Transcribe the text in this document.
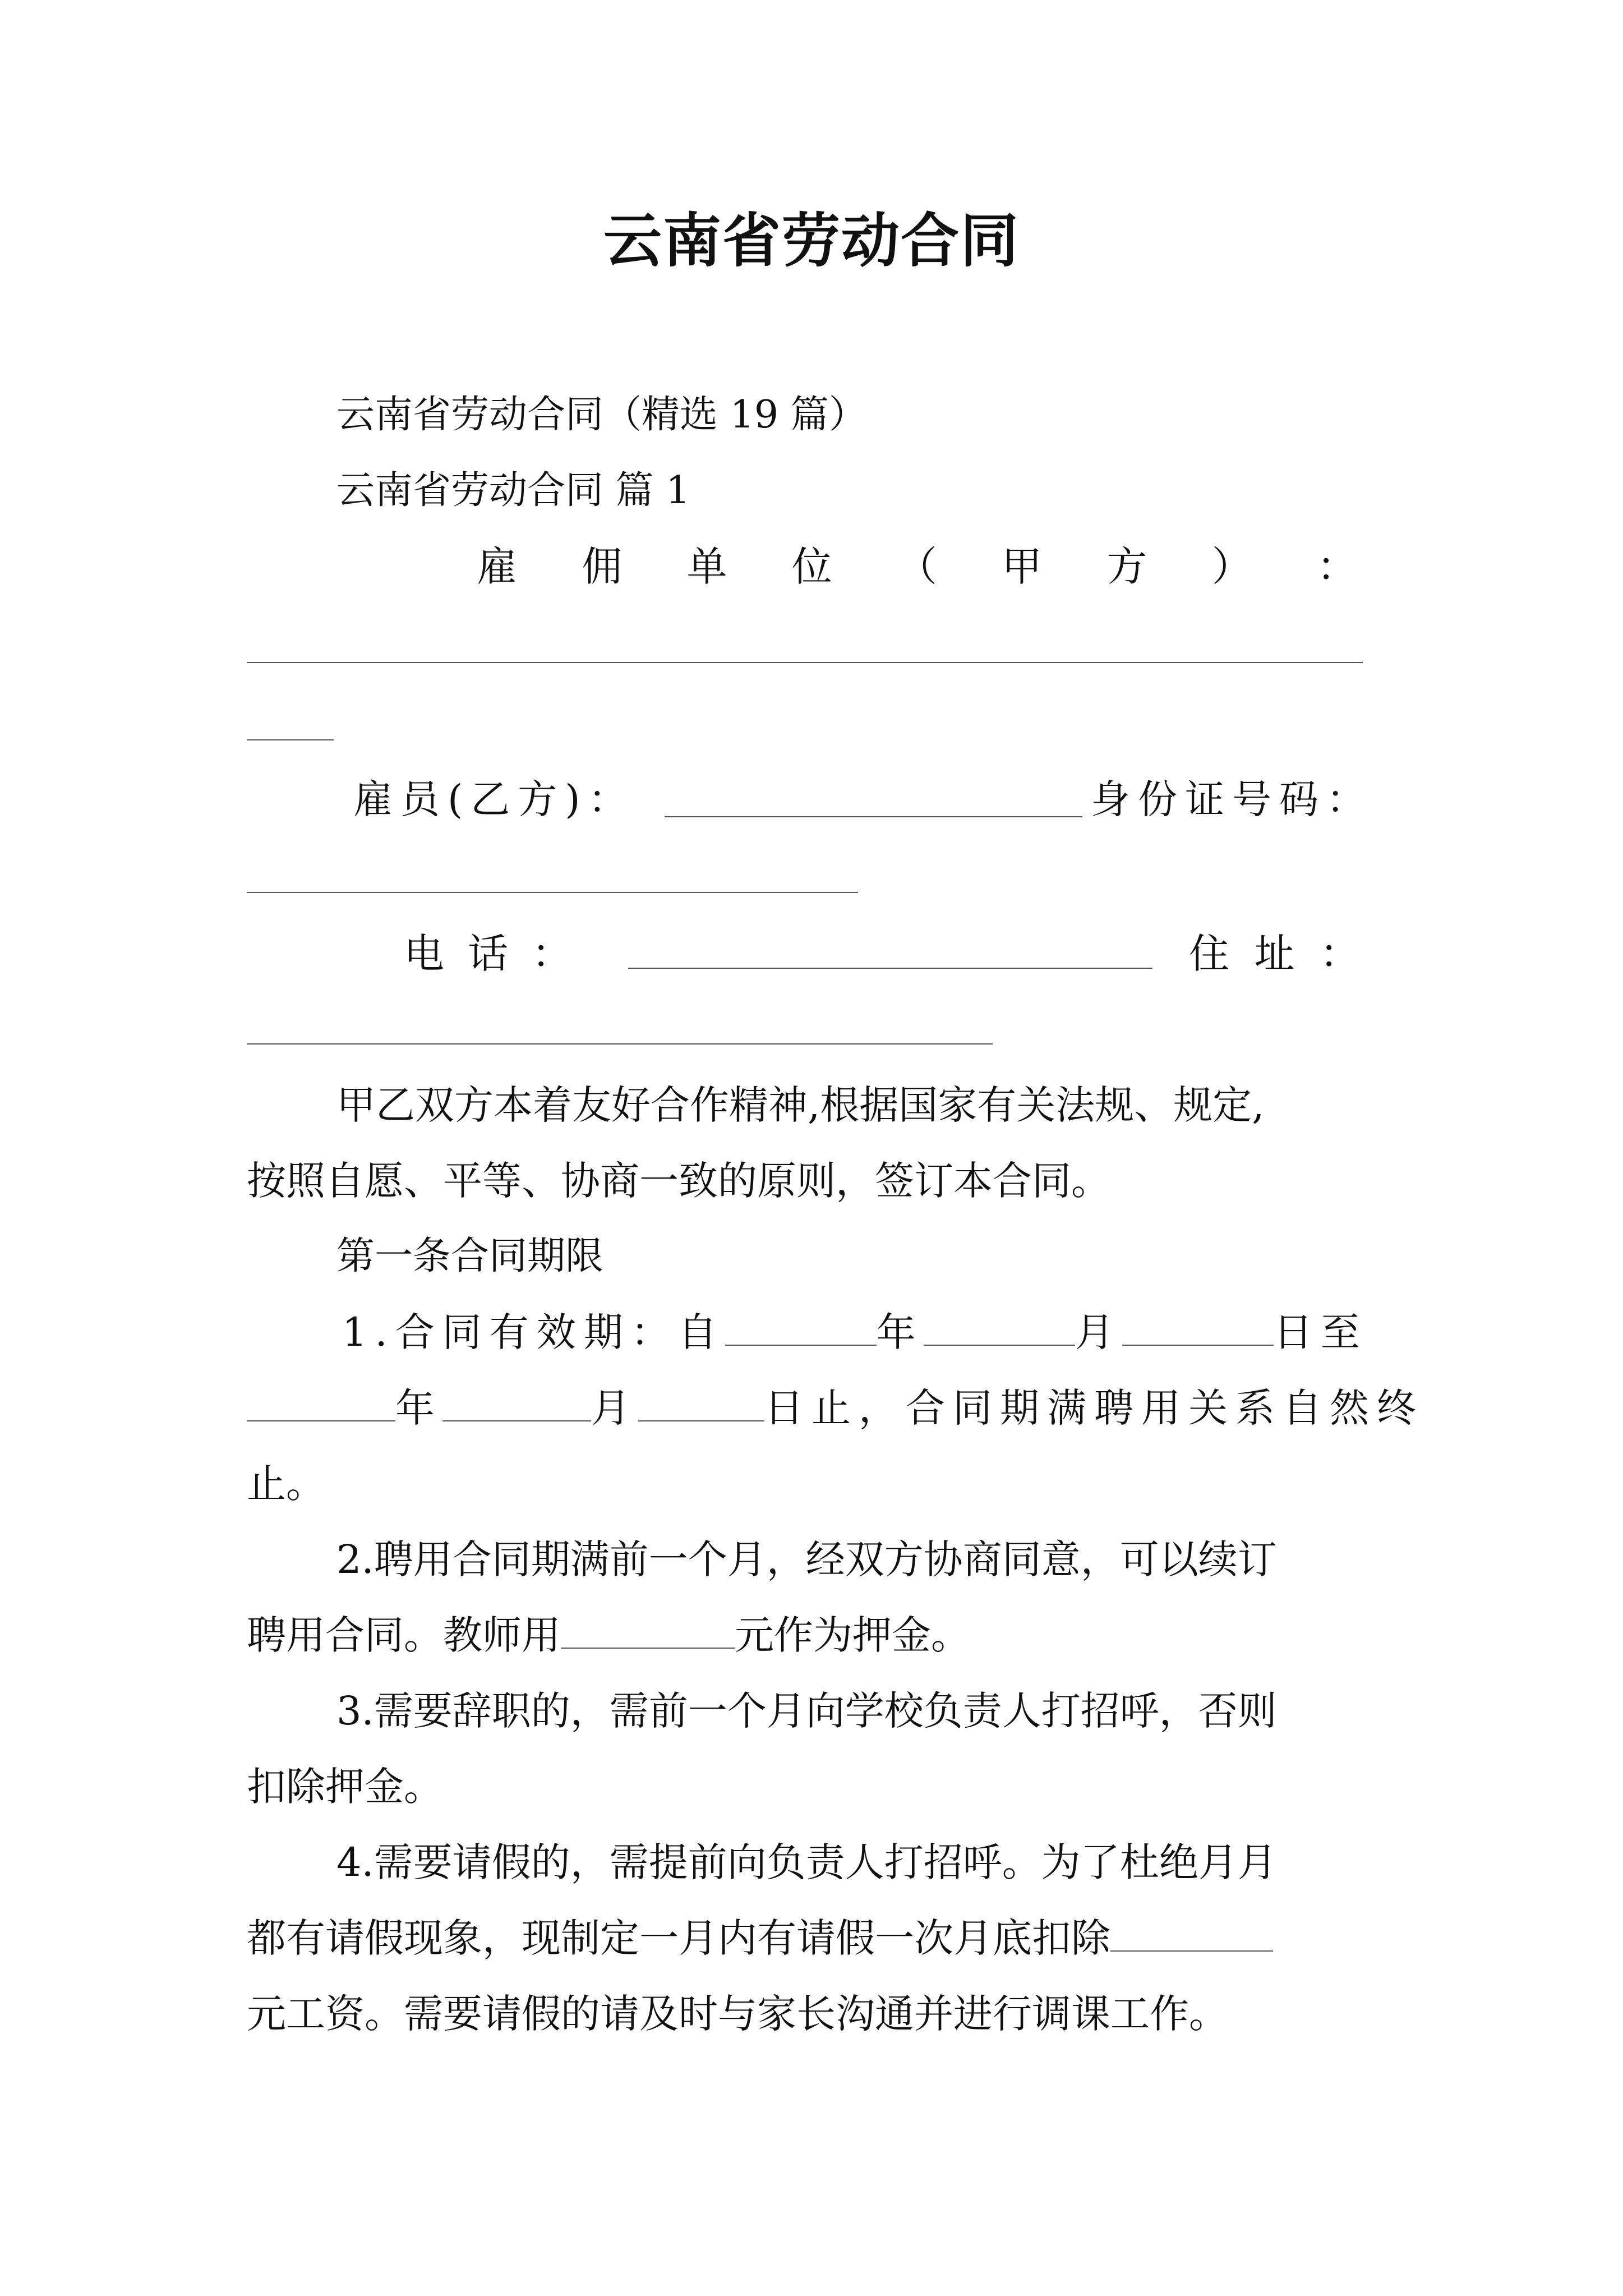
云南省劳动合同
云南省劳动合同（精选 19 篇）
云南省劳动合同 篇 1
雇 佣 单 位 （ 甲 方 ） ：
雇员(乙方)：	身份证号码：
电 话 ：	住 址 ：
甲乙双方本着友好合作精神,根据国家有关法规、规定,
按照自愿、平等、协商一致的原则，签订本合同。
第一条合同期限
1.合同有效期：自	年	月	日至
年	月	日止，合同期满聘用关系自然终
止。
2.聘用合同期满前一个月，经双方协商同意，可以续订
聘用合同。教师用	元作为押金。
3.需要辞职的，需前一个月向学校负责人打招呼，否则
扣除押金。
4.需要请假的，需提前向负责人打招呼。为了杜绝月月
都有请假现象，现制定一月内有请假一次月底扣除
元工资。需要请假的请及时与家长沟通并进行调课工作。
